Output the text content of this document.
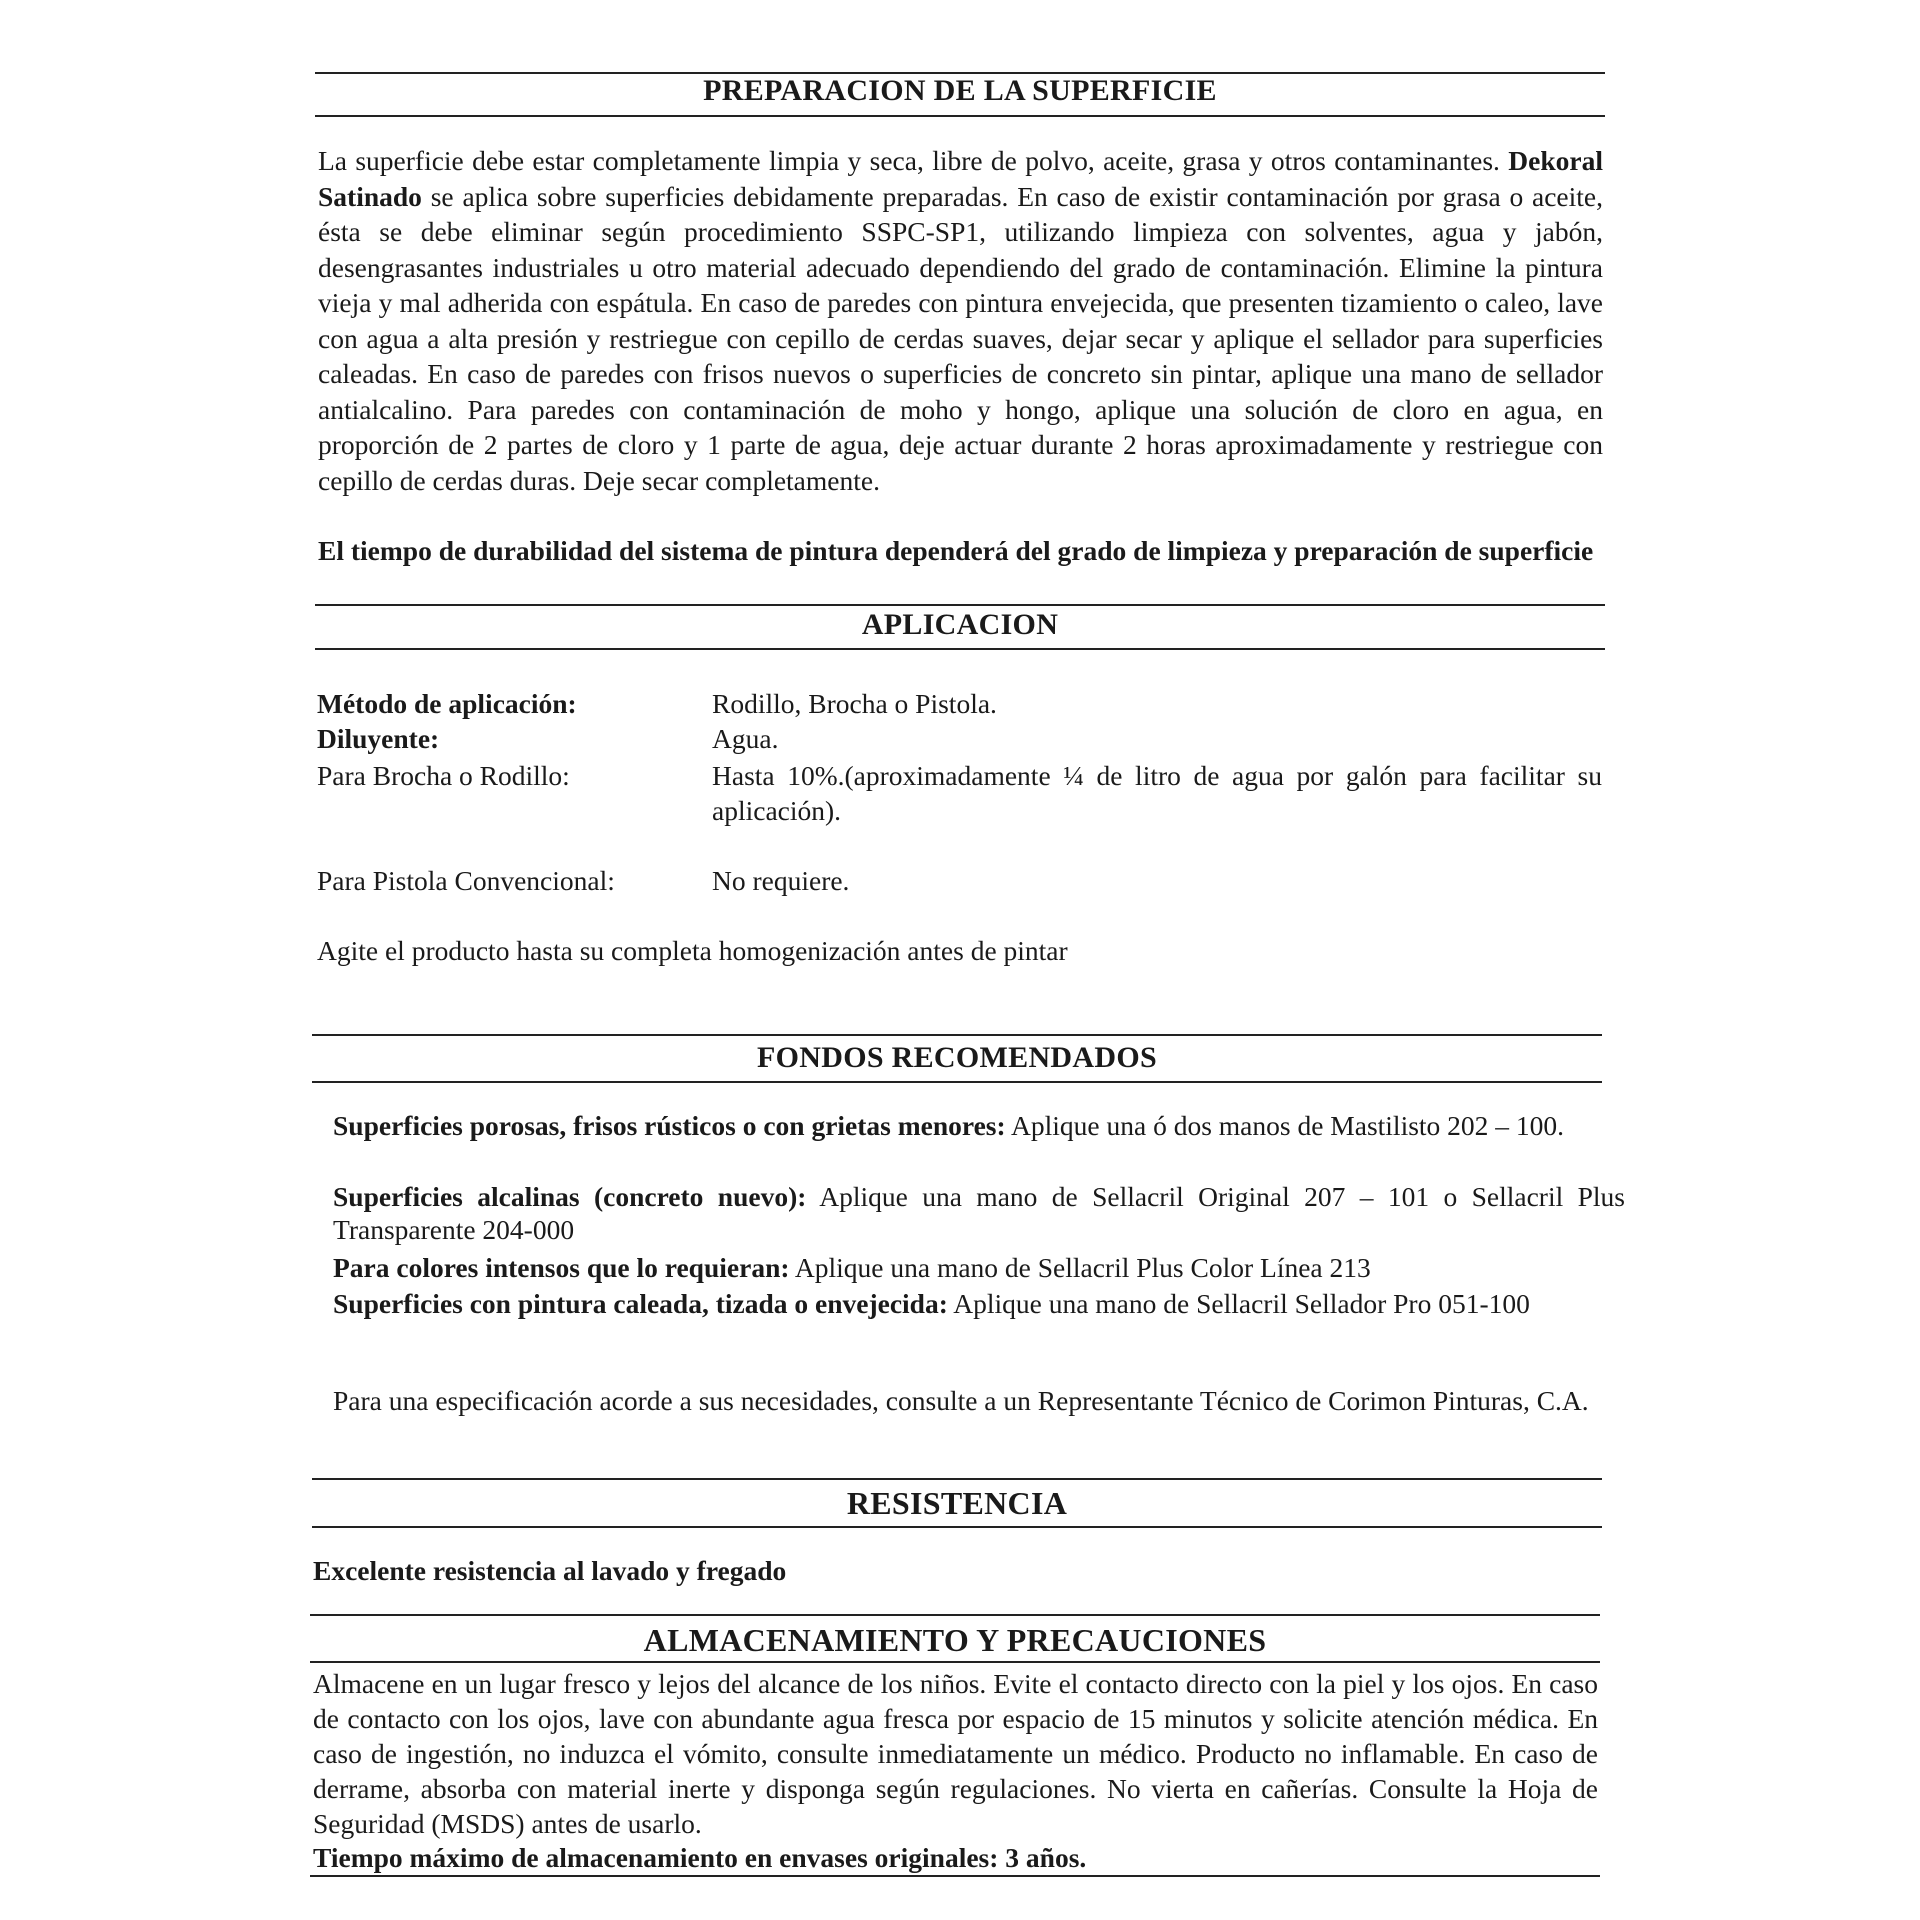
PREPARACION DE LA SUPERFICIE
La superficie debe estar completamente limpia y seca, libre de polvo, aceite, grasa y otros contaminantes. Dekoral Satinado se aplica sobre superficies debidamente preparadas. En caso de existir contaminación por grasa o aceite, ésta se debe eliminar según procedimiento SSPC-SP1, utilizando limpieza con solventes, agua y jabón, desengrasantes industriales u otro material adecuado dependiendo del grado de contaminación. Elimine la pintura vieja y mal adherida con espátula. En caso de paredes con pintura envejecida, que presenten tizamiento o caleo, lave con agua a alta presión y restriegue con cepillo de cerdas suaves, dejar secar y aplique el sellador para superficies caleadas. En caso de paredes con frisos nuevos o superficies de concreto sin pintar, aplique una mano de sellador antialcalino. Para paredes con contaminación de moho y hongo, aplique una solución de cloro en agua, en proporción de 2 partes de cloro y 1 parte de agua, deje actuar durante 2 horas aproximadamente y restriegue con cepillo de cerdas duras. Deje secar completamente.
El tiempo de durabilidad del sistema de pintura dependerá del grado de limpieza y preparación de superficie
APLICACION
Método de aplicación:	Rodillo, Brocha o Pistola.
Diluyente:	Agua.
Para Brocha o Rodillo:	Hasta 10%.(aproximadamente ¼ de litro de agua por galón para facilitar su aplicación).
Para Pistola Convencional:	No requiere.
Agite el producto hasta su completa homogenización antes de pintar
FONDOS RECOMENDADOS
Superficies porosas, frisos rústicos o con grietas menores: Aplique una ó dos manos de Mastilisto 202 – 100.
Superficies alcalinas (concreto nuevo): Aplique una mano de Sellacril Original 207 – 101 o Sellacril Plus Transparente 204-000
Para colores intensos que lo requieran: Aplique una mano de Sellacril Plus Color Línea 213
Superficies con pintura caleada, tizada o envejecida: Aplique una mano de Sellacril Sellador Pro 051-100
Para una especificación acorde a sus necesidades, consulte a un Representante Técnico de Corimon Pinturas, C.A.
RESISTENCIA
Excelente resistencia al lavado y fregado
ALMACENAMIENTO Y PRECAUCIONES
Almacene en un lugar fresco y lejos del alcance de los niños. Evite el contacto directo con la piel y los ojos. En caso de contacto con los ojos, lave con abundante agua fresca por espacio de 15 minutos y solicite atención médica. En caso de ingestión, no induzca el vómito, consulte inmediatamente un médico. Producto no inflamable. En caso de derrame, absorba con material inerte y disponga según regulaciones. No vierta en cañerías. Consulte la Hoja de Seguridad (MSDS) antes de usarlo.
Tiempo máximo de almacenamiento en envases originales: 3 años.
